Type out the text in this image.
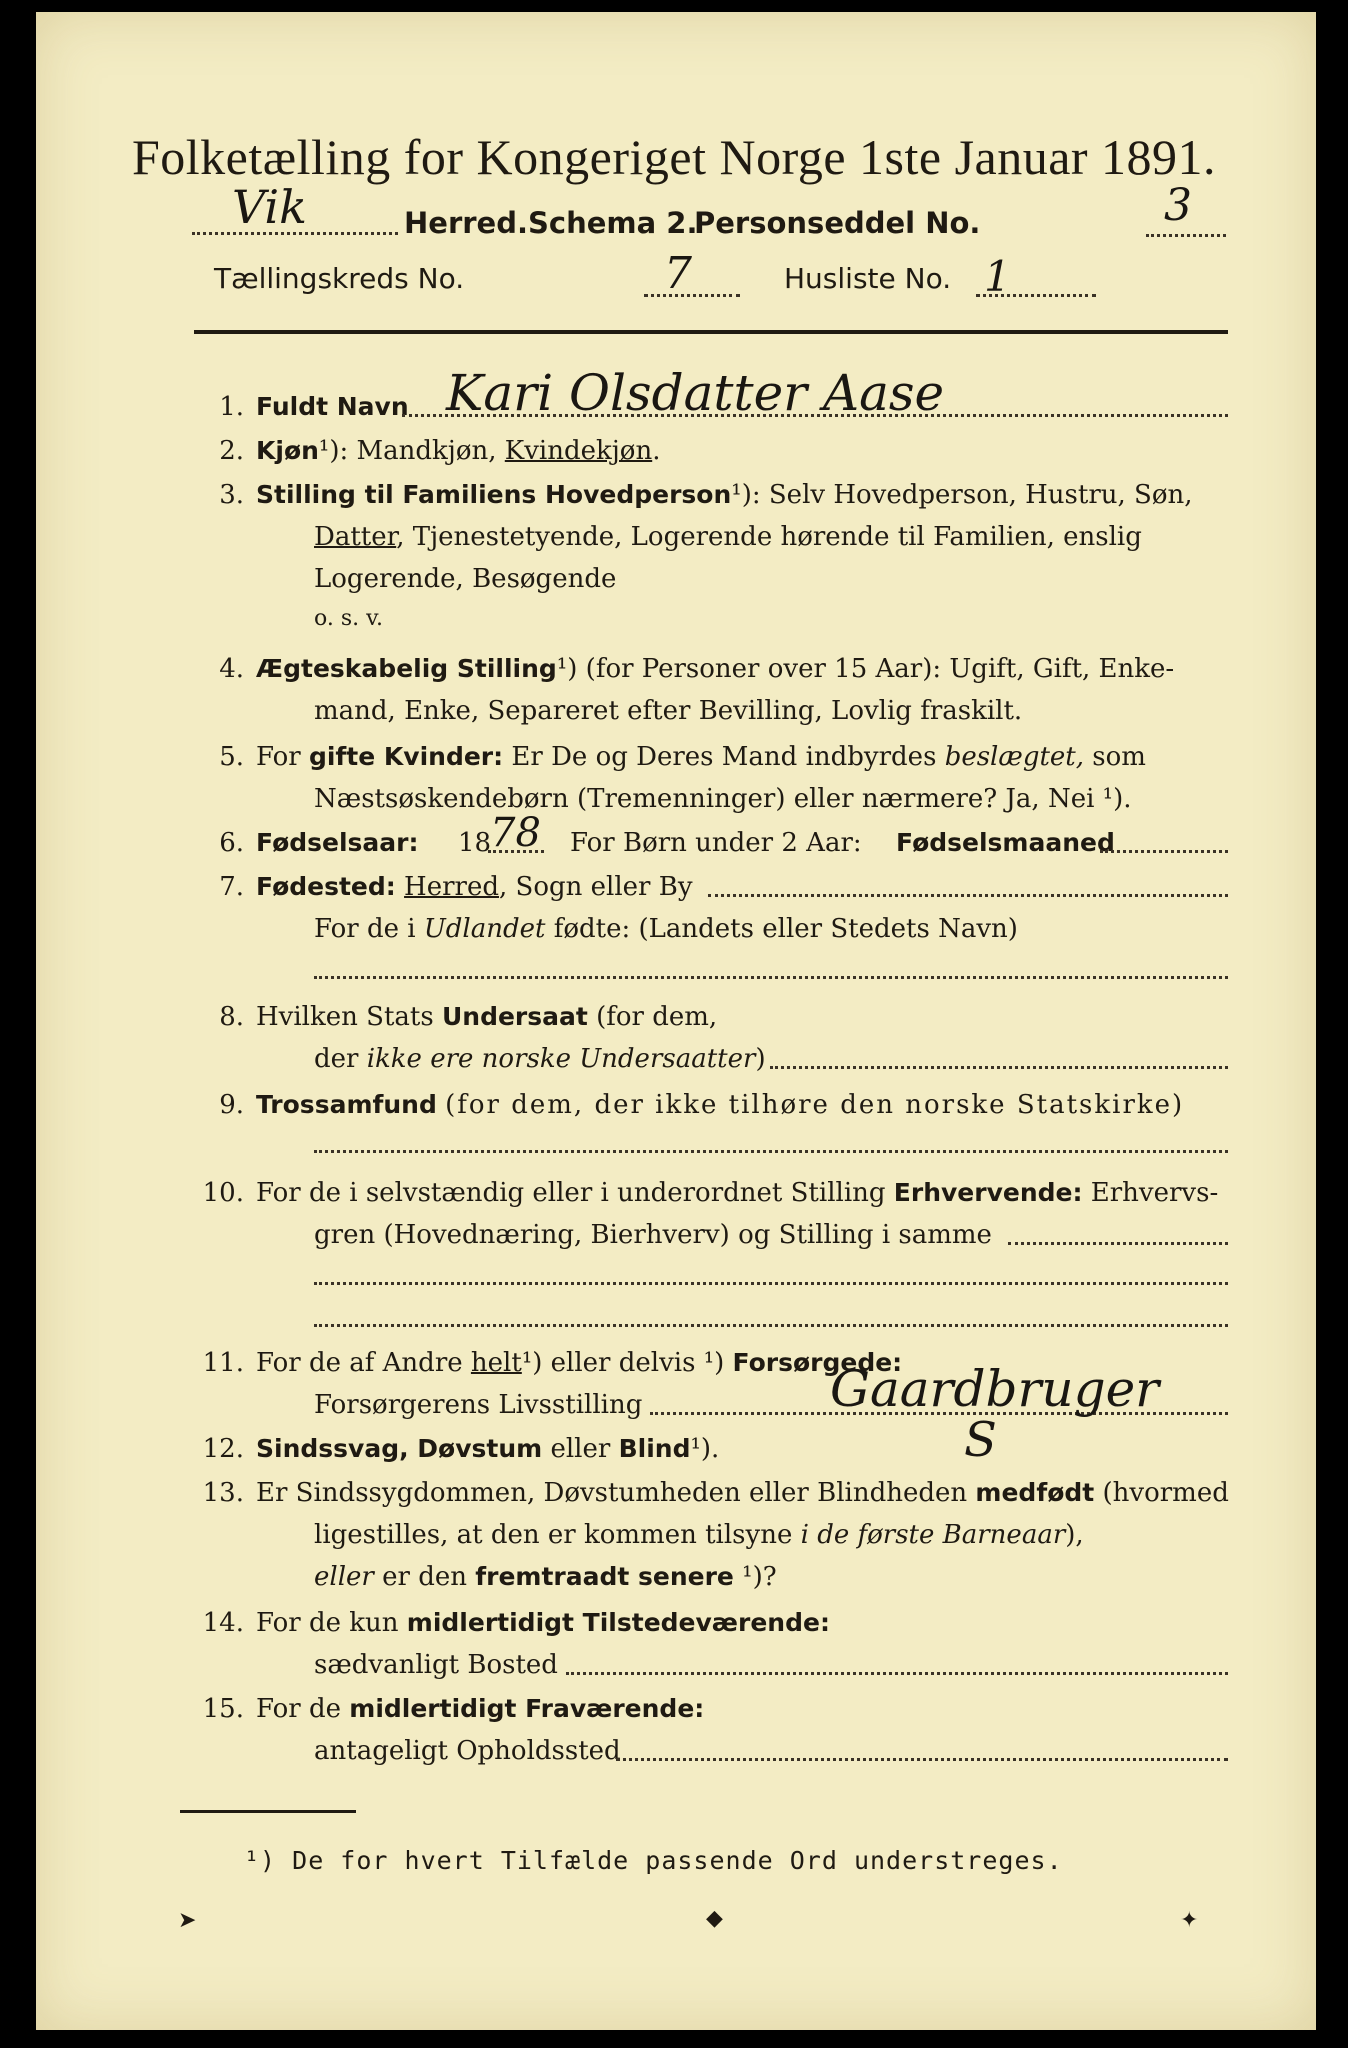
Folketælling for Kongeriget Norge 1ste Januar 1891.
Vik	Herred. Schema 2.
Personseddel No.	3
Tællingskreds No.	7	Husliste No. 1
1. Fuldt Navn Kari Olsdatter Aase
2. Kjøn¹): Mandkjøn, Kvindekjøn.
3. Stilling til Familiens Hovedperson¹): Selv Hovedperson, Hustru, Søn,
Datter, Tjenestetyende, Logerende hørende til Familien, enslig
Logerende, Besøgende
o. s. v.
4. Ægteskabelig Stilling¹) (for Personer over 15 Aar): Ugift, Gift, Enke-
mand, Enke, Separeret efter Bevilling, Lovlig fraskilt.
5. For gifte Kvinder: Er De og Deres Mand indbyrdes beslægtet, som
Næstsøskendebørn (Tremenninger) eller nærmere? Ja, Nei ¹).
6. Fødselsaar: 18
78 For Børn under 2 Aar: Fødselsmaaned
7. Fødested: Herred, Sogn eller By
For de i Udlandet fødte: (Landets eller Stedets Navn)
8. Hvilken Stats Undersaat (for dem,
der ikke ere norske Undersaatter)
9. Trossamfund (for dem, der ikke tilhøre den norske Statskirke)
10. For de i selvstændig eller i underordnet Stilling Erhvervende: Erhvervs-
gren (Hovednæring, Bierhverv) og Stilling i samme
11. For de af Andre helt¹) eller delvis ¹) Forsørgede:
Forsørgerens Livsstilling	Gaardbruger
12. Sindssvag, Døvstum eller Blind¹).	S
13. Er Sindssygdommen, Døvstumheden eller Blindheden medfødt (hvormed
ligestilles, at den er kommen tilsyne i de første Barneaar),
eller er den fremtraadt senere ¹)?
14. For de kun midlertidigt Tilstedeværende:
sædvanligt Bosted
15. For de midlertidigt Fraværende:
antageligt Opholdssted
¹) De for hvert Tilfælde passende Ord understreges.
➤	◆	✦
